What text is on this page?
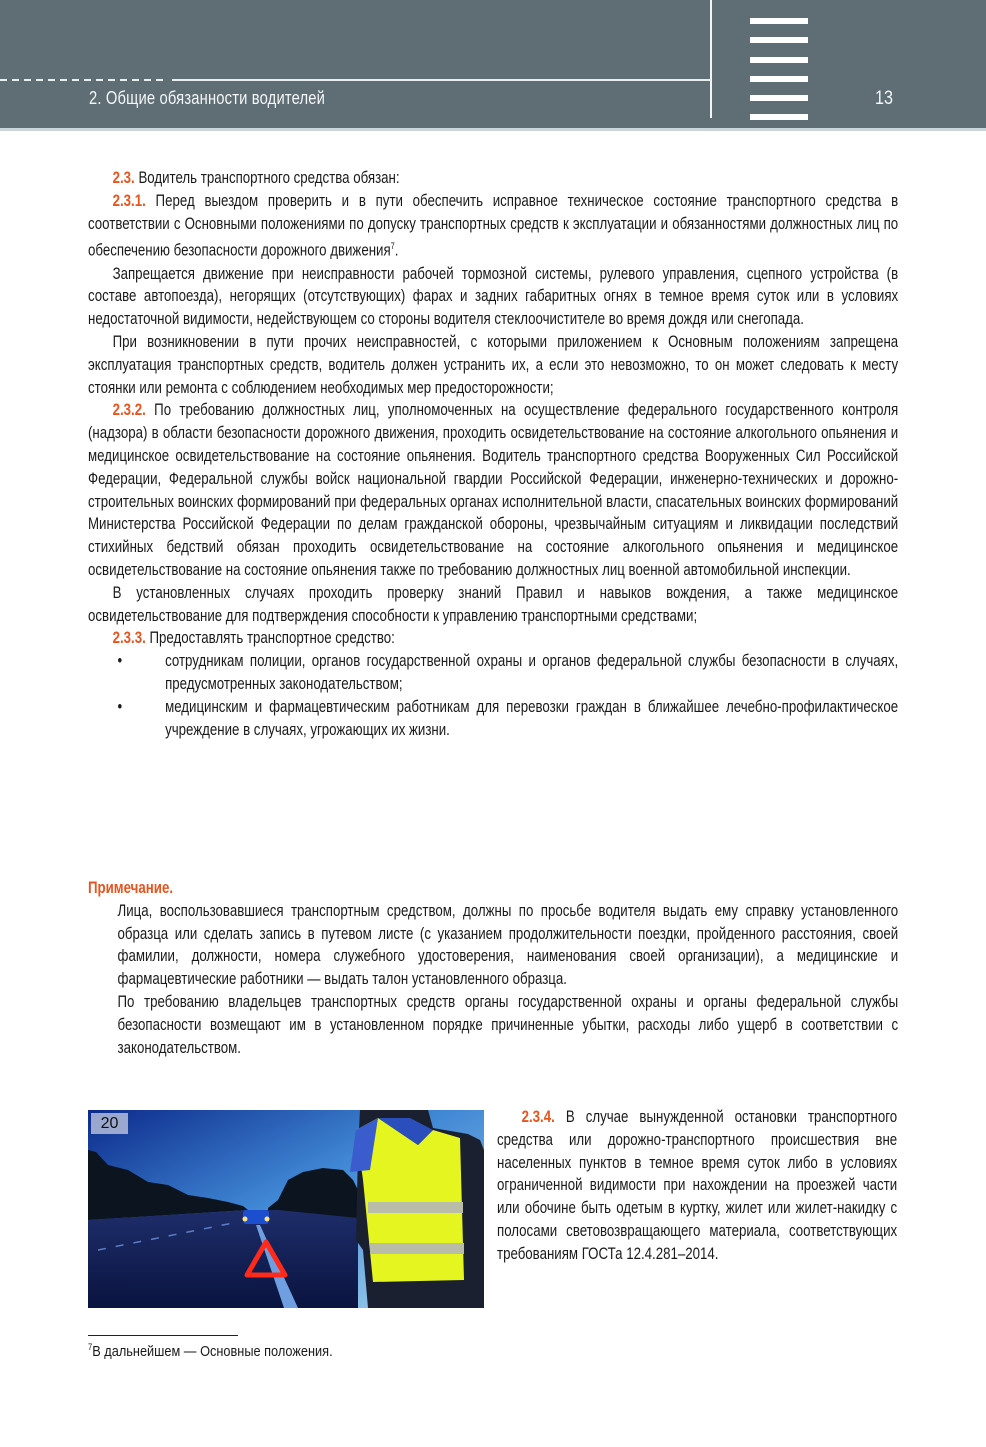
2. Общие обязанности водителей	13

2.3. Водитель транспортного средства обязан:

2.3.1. Перед выездом проверить и в пути обеспечить исправное техническое состояние транспортного средства в соответствии с Основными положениями по допуску транспортных средств к эксплуатации и обязанностями должностных лиц по обеспечению безопасности дорожного движения$^7$.

Запрещается движение при неисправности рабочей тормозной системы, рулевого управления, сцепного устройства (в составе автопоезда), негорящих (отсутствующих) фарах и задних габаритных огнях в темное время суток или в условиях недостаточной видимости, недействующем со стороны водителя стеклоочистителе во время дождя или снегопада.

При возникновении в пути прочих неисправностей, с которыми приложением к Основным положениям запрещена эксплуатация транспортных средств, водитель должен устранить их, а если это невозможно, то он может следовать к месту стоянки или ремонта с соблюдением необходимых мер предосторожности;

2.3.2. По требованию должностных лиц, уполномоченных на осуществление федерального государственного контроля (надзора) в области безопасности дорожного движения, проходить освидетельствование на состояние алкогольного опьянения и медицинское освидетельствование на состояние опьянения. Водитель транспортного средства Вооруженных Сил Российской Федерации, Федеральной службы войск национальной гвардии Российской Федерации, инженерно-технических и дорожно-строительных воинских формирований при федеральных органах исполнительной власти, спасательных воинских формирований Министерства Российской Федерации по делам гражданской обороны, чрезвычайным ситуациям и ликвидации последствий стихийных бедствий обязан проходить освидетельствование на состояние алкогольного опьянения и медицинское освидетельствование на состояние опьянения также по требованию должностных лиц военной автомобильной инспекции.

В установленных случаях проходить проверку знаний Правил и навыков вождения, а также медицинское освидетельствование для подтверждения способности к управлению транспортными средствами;

2.3.3. Предоставлять транспортное средство:

•	сотрудникам полиции, органов государственной охраны и органов федеральной службы безопасности в случаях, предусмотренных законодательством;
•	медицинским и фармацевтическим работникам для перевозки граждан в ближайшее лечебно-профилактическое учреждение в случаях, угрожающих их жизни.

Примечание.

Лица, воспользовавшиеся транспортным средством, должны по просьбе водителя выдать ему справку установленного образца или сделать запись в путевом листе (с указанием продолжительности поездки, пройденного расстояния, своей фамилии, должности, номера служебного удостоверения, наименования своей организации), а медицинские и фармацевтические работники — выдать талон установленного образца.

По требованию владельцев транспортных средств органы государственной охраны и органы федеральной службы безопасности возмещают им в установленном порядке причиненные убытки, расходы либо ущерб в соответствии с законодательством.

20	2.3.4. В случае вынужденной остановки транспортного средства или дорожно-транспортного происшествия вне населенных пунктов в темное время суток либо в условиях ограниченной видимости при нахождении на проезжей части или обочине быть одетым в куртку, жилет или жилет-накидку с полосами световозвращающего материала, соответствующих требованиям ГОСТа 12.4.281–2014.

$^7$В дальнейшем — Основные положения.
